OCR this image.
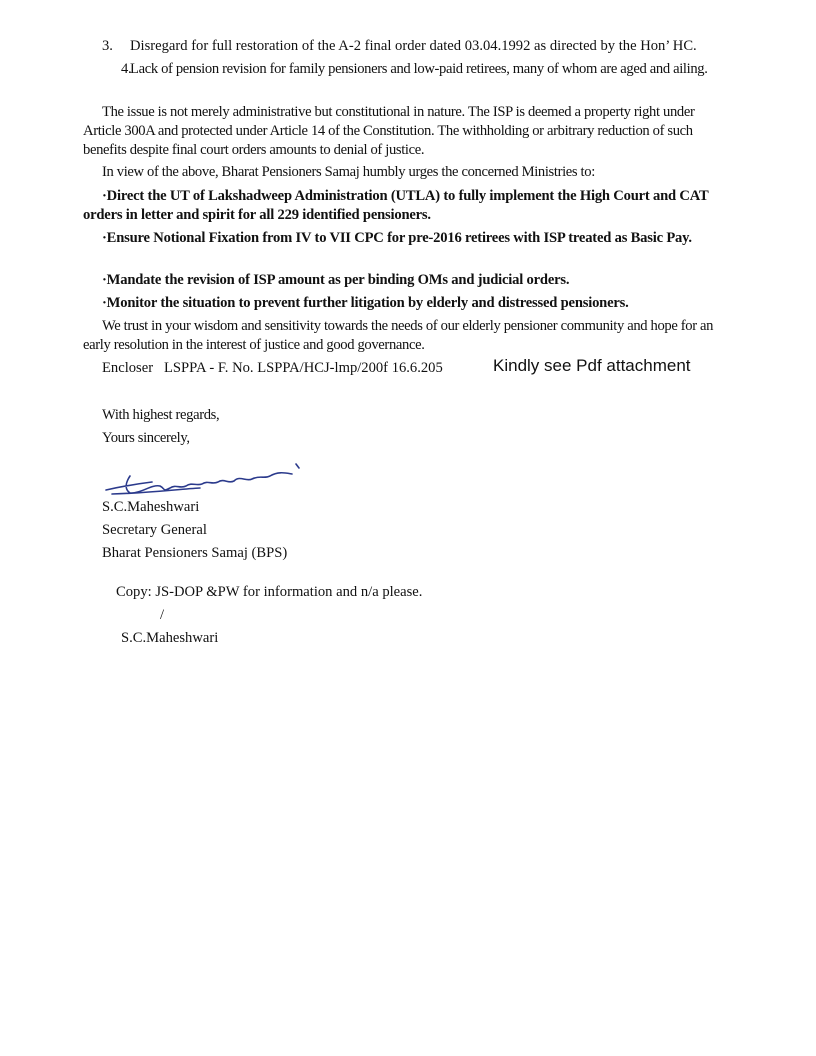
3. Disregard for full restoration of the A-2 final order dated 03.04.1992 as directed by the Hon’ HC.
4.Lack of pension revision for family pensioners and low-paid retirees, many of whom are aged and ailing.
The issue is not merely administrative but constitutional in nature. The ISP is deemed a property right under Article 300A and protected under Article 14 of the Constitution. The withholding or arbitrary reduction of such benefits despite final court orders amounts to denial of justice.
In view of the above, Bharat Pensioners Samaj humbly urges the concerned Ministries to:
·Direct the UT of Lakshadweep Administration (UTLA) to fully implement the High Court and CAT orders in letter and spirit for all 229 identified pensioners.
·Ensure Notional Fixation from IV to VII CPC for pre-2016 retirees with ISP treated as Basic Pay.
·Mandate the revision of ISP amount as per binding OMs and judicial orders.
·Monitor the situation to prevent further litigation by elderly and distressed pensioners.
We trust in your wisdom and sensitivity towards the needs of our elderly pensioner community and hope for an early resolution in the interest of justice and good governance.
Encloser LSPPA - F. No. LSPPA/HCJ-lmp/200f 16.6.205	Kindly see Pdf attachment
With highest regards,
Yours sincerely,
S.C.Maheshwari
Secretary General
Bharat Pensioners Samaj (BPS)
Copy: JS-DOP &PW for information and n/a please.
/
S.C.Maheshwari
